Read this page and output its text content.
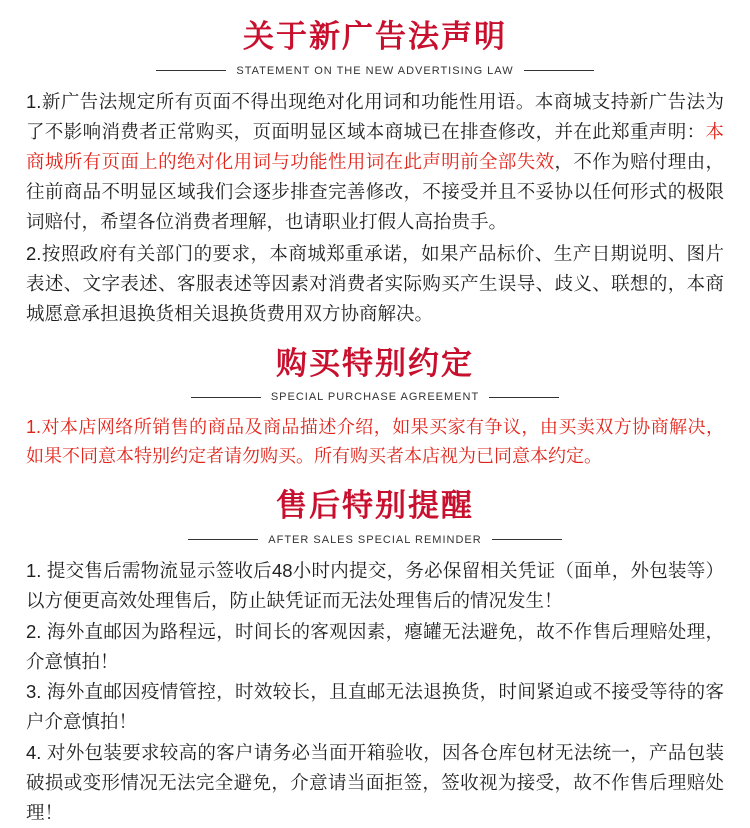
关于新广告法声明
STATEMENT ON THE NEW ADVERTISING LAW

1.新广告法规定所有页面不得出现绝对化用词和功能性用语。本商城支持新广告法为了不影响消费者正常购买，页面明显区域本商城已在排查修改，并在此郑重声明：本商城所有页面上的绝对化用词与功能性用词在此声明前全部失效，不作为赔付理由，往前商品不明显区域我们会逐步排查完善修改，不接受并且不妥协以任何形式的极限词赔付，希望各位消费者理解，也请职业打假人高抬贵手。

2.按照政府有关部门的要求，本商城郑重承诺，如果产品标价、生产日期说明、图片表述、文字表述、客服表述等因素对消费者实际购买产生误导、歧义、联想的，本商城愿意承担退换货相关退换货费用双方协商解决。

购买特别约定
SPECIAL PURCHASE AGREEMENT

1.对本店网络所销售的商品及商品描述介绍，如果买家有争议，由买卖双方协商解决，如果不同意本特别约定者请勿购买。所有购买者本店视为已同意本约定。

售后特别提醒
AFTER SALES SPECIAL REMINDER

1. 提交售后需物流显示签收后48小时内提交，务必保留相关凭证（面单，外包装等）以方便更高效处理售后，防止缺凭证而无法处理售后的情况发生！

2. 海外直邮因为路程远，时间长的客观因素，瘪罐无法避免，故不作售后理赔处理，介意慎拍！

3. 海外直邮因疫情管控，时效较长，且直邮无法退换货，时间紧迫或不接受等待的客户介意慎拍！

4. 对外包装要求较高的客户请务必当面开箱验收，因各仓库包材无法统一，产品包装破损或变形情况无法完全避免，介意请当面拒签，签收视为接受，故不作售后理赔处理！
